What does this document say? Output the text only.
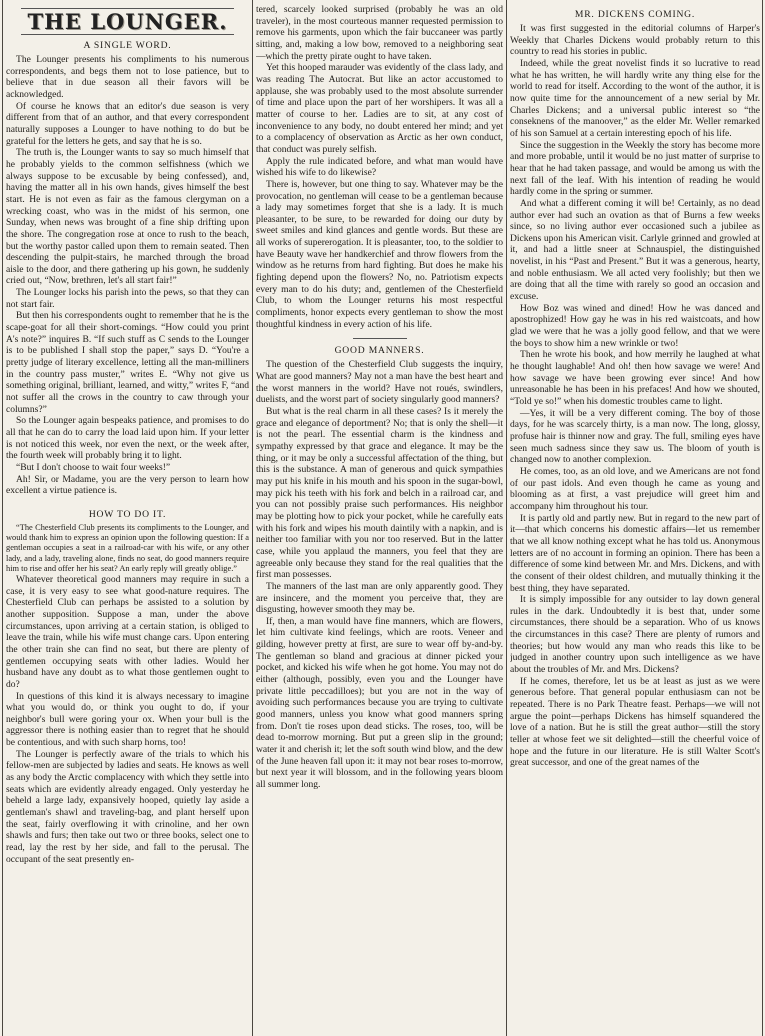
THE LOUNGER.
A SINGLE WORD.

The Lounger presents his compliments to his numerous correspondents, and begs them not to lose patience, but to believe that in due season all their favors will be acknowledged.

Of course he knows that an editor's due season is very different from that of an author, and that every correspondent naturally supposes a Lounger to have nothing to do but be grateful for the letters he gets, and say that he is so.

The truth is, the Lounger wants to say so much himself that he probably yields to the common selfishness (which we always suppose to be excusable by being confessed), and, having the matter all in his own hands, gives himself the best start. He is not even as fair as the famous clergyman on a wrecking coast, who was in the midst of his sermon, one Sunday, when news was brought of a fine ship drifting upon the shore. The congregation rose at once to rush to the beach, but the worthy pastor called upon them to remain seated. Then descending the pulpit-stairs, he marched through the broad aisle to the door, and there gathering up his gown, he suddenly cried out, “Now, brethren, let's all start fair!”

The Lounger locks his parish into the pews, so that they can not start fair.

But then his correspondents ought to remember that he is the scape-goat for all their short-comings. “How could you print A's note?” inquires B. “If such stuff as C sends to the Lounger is to be published I shall stop the paper,” says D. “You're a pretty judge of literary excellence, letting all the man-milliners in the country pass muster,” writes E. “Why not give us something original, brilliant, learned, and witty,” writes F, “and not suffer all the crows in the country to caw through your columns?”

So the Lounger again bespeaks patience, and promises to do all that he can do to carry the load laid upon him. If your letter is not noticed this week, nor even the next, or the week after, the fourth week will probably bring it to light.

“But I don't choose to wait four weeks!”

Ah! Sir, or Madame, you are the very person to learn how excellent a virtue patience is.

HOW TO DO IT.

“The Chesterfield Club presents its compliments to the Lounger, and would thank him to express an opinion upon the following question: If a gentleman occupies a seat in a railroad-car with his wife, or any other lady, and a lady, traveling alone, finds no seat, do good manners require him to rise and offer her his seat? An early reply will greatly oblige.”

Whatever theoretical good manners may require in such a case, it is very easy to see what good-nature requires. The Chesterfield Club can perhaps be assisted to a solution by another supposition. Suppose a man, under the above circumstances, upon arriving at a certain station, is obliged to leave the train, while his wife must change cars. Upon entering the other train she can find no seat, but there are plenty of gentlemen occupying seats with other ladies. Would her husband have any doubt as to what those gentlemen ought to do?

In questions of this kind it is always necessary to imagine what you would do, or think you ought to do, if your neighbor's bull were goring your ox. When your bull is the aggressor there is nothing easier than to regret that he should be contentious, and with such sharp horns, too!

The Lounger is perfectly aware of the trials to which his fellow-men are subjected by ladies and seats. He knows as well as any body the Arctic complacency with which they settle into seats which are evidently already engaged. Only yesterday he beheld a large lady, expansively hooped, quietly lay aside a gentleman's shawl and traveling-bag, and plant herself upon the seat, fairly overflowing it with crinoline, and her own shawls and furs; then take out two or three books, select one to read, lay the rest by her side, and fall to the perusal. The occupant of the seat presently en-

tered, scarcely looked surprised (probably he was an old traveler), in the most courteous manner requested permission to remove his garments, upon which the fair buccaneer was partly sitting, and, making a low bow, removed to a neighboring seat —which the pretty pirate ought to have taken.

Yet this hooped marauder was evidently of the class lady, and was reading The Autocrat. But like an actor accustomed to applause, she was probably used to the most absolute surrender of time and place upon the part of her worshipers. It was all a matter of course to her. Ladies are to sit, at any cost of inconvenience to any body, no doubt entered her mind; and yet to a complacency of observation as Arctic as her own conduct, that conduct was purely selfish.

Apply the rule indicated before, and what man would have wished his wife to do likewise?

There is, however, but one thing to say. Whatever may be the provocation, no gentleman will cease to be a gentleman because a lady may sometimes forget that she is a lady. It is much pleasanter, to be sure, to be rewarded for doing our duty by sweet smiles and kind glances and gentle words. But these are all works of supererogation. It is pleasanter, too, to the soldier to have Beauty wave her handkerchief and throw flowers from the window as he returns from hard fighting. But does he make his fighting depend upon the flowers? No, no. Patriotism expects every man to do his duty; and, gentlemen of the Chesterfield Club, to whom the Lounger returns his most respectful compliments, honor expects every gentleman to show the most thoughtful kindness in every action of his life.

GOOD MANNERS.

The question of the Chesterfield Club suggests the inquiry, What are good manners? May not a man have the best heart and the worst manners in the world? Have not roués, swindlers, duelists, and the worst part of society singularly good manners?

But what is the real charm in all these cases? Is it merely the grace and elegance of deportment? No; that is only the shell—it is not the pearl. The essential charm is the kindness and sympathy expressed by that grace and elegance. It may be the thing, or it may be only a successful affectation of the thing, but this is the substance. A man of generous and quick sympathies may put his knife in his mouth and his spoon in the sugar-bowl, may pick his teeth with his fork and belch in a railroad car, and you can not possibly praise such performances. His neighbor may be plotting how to pick your pocket, while he carefully eats with his fork and wipes his mouth daintily with a napkin, and is neither too familiar with you nor too reserved. But in the latter case, while you applaud the manners, you feel that they are agreeable only because they stand for the real qualities that the first man possesses.

The manners of the last man are only apparently good. They are insincere, and the moment you perceive that, they are disgusting, however smooth they may be.

If, then, a man would have fine manners, which are flowers, let him cultivate kind feelings, which are roots. Veneer and gilding, however pretty at first, are sure to wear off by-and-by. The gentleman so bland and gracious at dinner picked your pocket, and kicked his wife when he got home. You may not do either (although, possibly, even you and the Lounger have private little peccadilloes); but you are not in the way of avoiding such performances because you are trying to cultivate good manners, unless you know what good manners spring from. Don't tie roses upon dead sticks. The roses, too, will be dead to-morrow morning. But put a green slip in the ground; water it and cherish it; let the soft south wind blow, and the dew of the June heaven fall upon it: it may not bear roses to-morrow, but next year it will blossom, and in the following years bloom all summer long.

MR. DICKENS COMING.

It was first suggested in the editorial columns of Harper's Weekly that Charles Dickens would probably return to this country to read his stories in public.

Indeed, while the great novelist finds it so lucrative to read what he has written, he will hardly write any thing else for the world to read for itself. According to the wont of the author, it is now quite time for the announcement of a new serial by Mr. Charles Dickens; and a universal public interest so “the conseknens of the manoover,” as the elder Mr. Weller remarked of his son Samuel at a certain interesting epoch of his life.

Since the suggestion in the Weekly the story has become more and more probable, until it would be no just matter of surprise to hear that he had taken passage, and would be among us with the next fall of the leaf. With his intention of reading he would hardly come in the spring or summer.

And what a different coming it will be! Certainly, as no dead author ever had such an ovation as that of Burns a few weeks since, so no living author ever occasioned such a jubilee as Dickens upon his American visit. Carlyle grinned and growled at it, and had a little sneer at Schnauspiel, the distinguished novelist, in his “Past and Present.” But it was a generous, hearty, and noble enthusiasm. We all acted very foolishly; but then we are doing that all the time with rarely so good an occasion and excuse.

How Boz was wined and dined! How he was danced and apostrophized! How gay he was in his red waistcoats, and how glad we were that he was a jolly good fellow, and that we were the boys to show him a new wrinkle or two!

Then he wrote his book, and how merrily he laughed at what he thought laughable! And oh! then how savage we were! And how savage we have been growing ever since! And how unreasonable he has been in his prefaces! And how we shouted, “Told ye so!” when his domestic troubles came to light.

—Yes, it will be a very different coming. The boy of those days, for he was scarcely thirty, is a man now. The long, glossy, profuse hair is thinner now and gray. The full, smiling eyes have seen much sadness since they saw us. The bloom of youth is changed now to another complexion.

He comes, too, as an old love, and we Americans are not fond of our past idols. And even though he came as young and blooming as at first, a vast prejudice will greet him and accompany him throughout his tour.

It is partly old and partly new. But in regard to the new part of it—that which concerns his domestic affairs—let us remember that we all know nothing except what he has told us. Anonymous letters are of no account in forming an opinion. There has been a difference of some kind between Mr. and Mrs. Dickens, and with the consent of their oldest children, and mutually thinking it the best thing, they have separated.

It is simply impossible for any outsider to lay down general rules in the dark. Undoubtedly it is best that, under some circumstances, there should be a separation. Who of us knows the circumstances in this case? There are plenty of rumors and theories; but how would any man who reads this like to be judged in another country upon such intelligence as we have about the troubles of Mr. and Mrs. Dickens?

If he comes, therefore, let us be at least as just as we were generous before. That general popular enthusiasm can not be repeated. There is no Park Theatre feast. Perhaps—we will not argue the point—perhaps Dickens has himself squandered the love of a nation. But he is still the great author—still the story teller at whose feet we sit delighted—still the cheerful voice of hope and the future in our literature. He is still Walter Scott's great successor, and one of the great names of the
